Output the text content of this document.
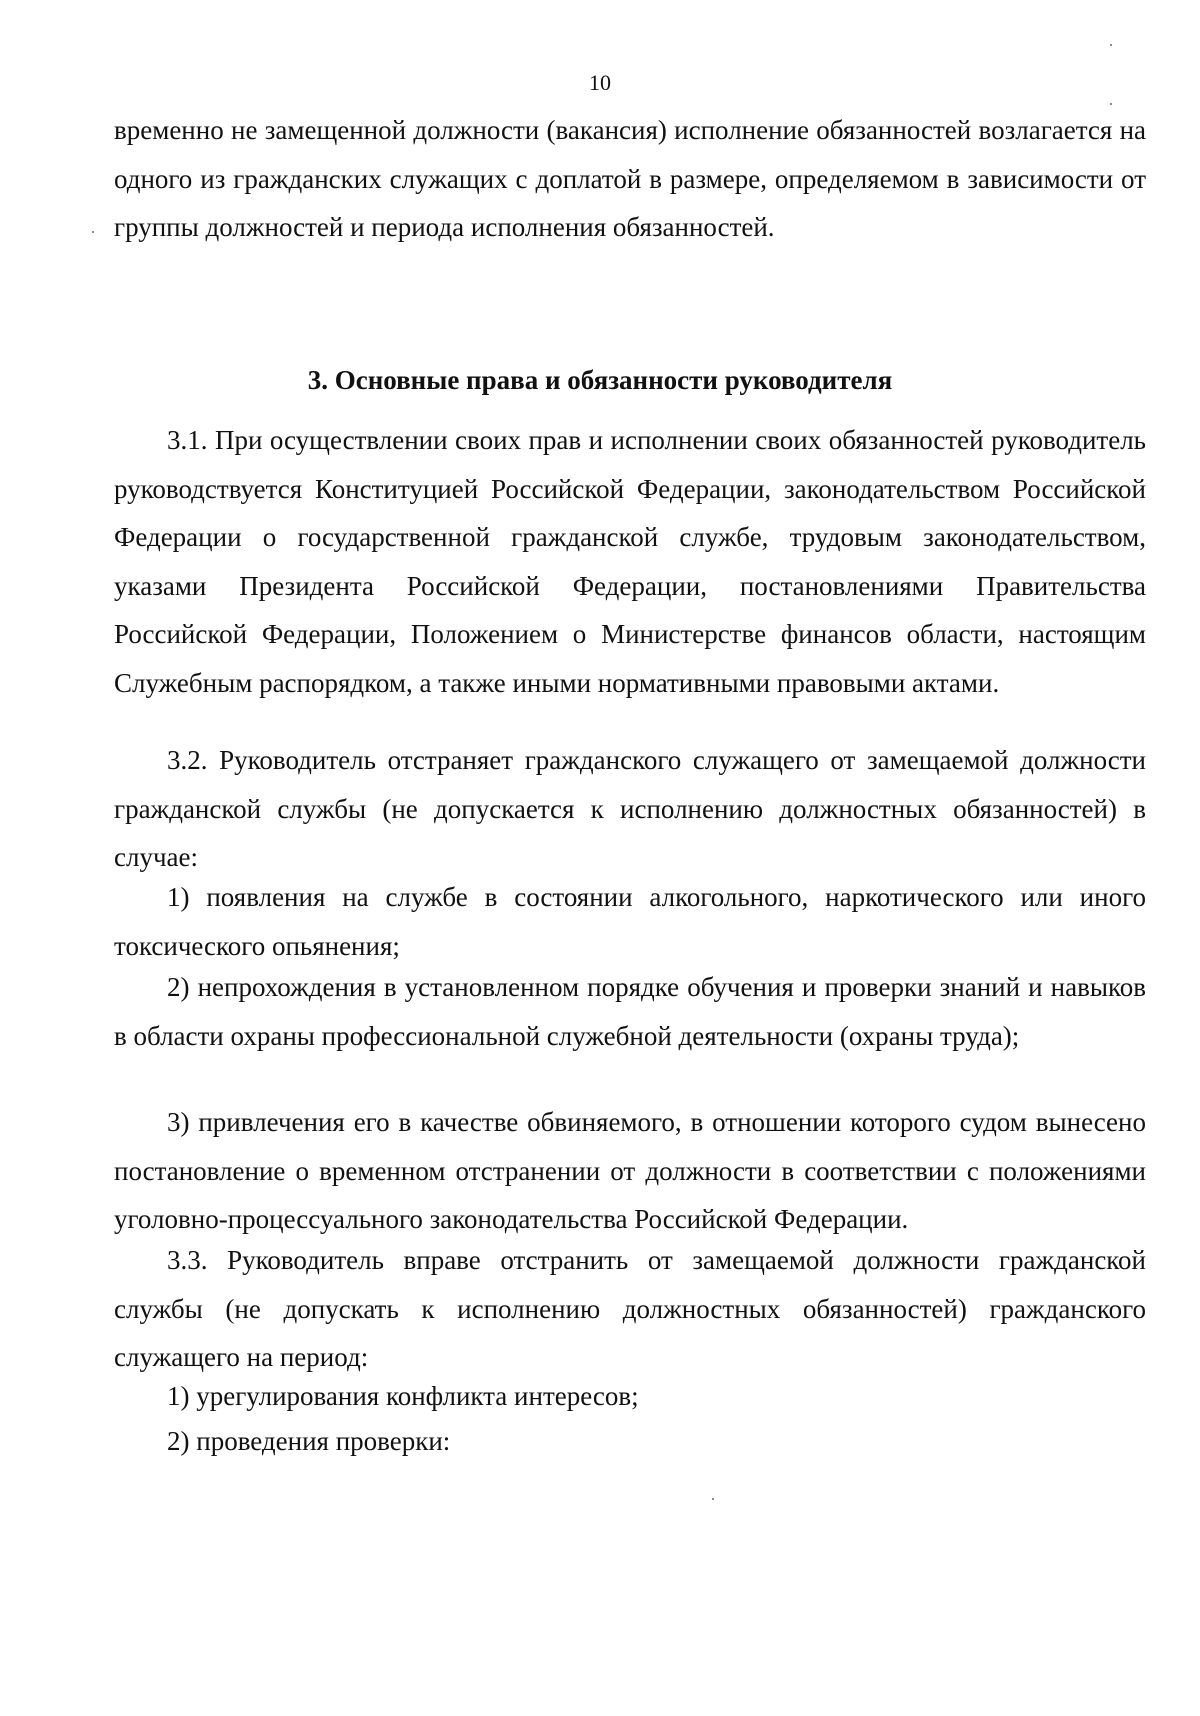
10

временно не замещенной должности (вакансия) исполнение обязанностей возлагается на одного из гражданских служащих с доплатой в размере, определяемом в зависимости от группы должностей и периода исполнения обязанностей.

3. Основные права и обязанности руководителя

3.1. При осуществлении своих прав и исполнении своих обязанностей руководитель руководствуется Конституцией Российской Федерации, законодательством Российской Федерации о государственной гражданской службе, трудовым законодательством, указами Президента Российской Федерации, постановлениями Правительства Российской Федерации, Положением о Министерстве финансов области, настоящим Служебным распорядком, а также иными нормативными правовыми актами.

3.2. Руководитель отстраняет гражданского служащего от замещаемой должности гражданской службы (не допускается к исполнению должностных обязанностей) в случае:

1) появления на службе в состоянии алкогольного, наркотического или иного токсического опьянения;

2) непрохождения в установленном порядке обучения и проверки знаний и навыков в области охраны профессиональной служебной деятельности (охраны труда);

3) привлечения его в качестве обвиняемого, в отношении которого судом вынесено постановление о временном отстранении от должности в соответствии с положениями уголовно-процессуального законодательства Российской Федерации.

3.3. Руководитель вправе отстранить от замещаемой должности гражданской службы (не допускать к исполнению должностных обязанностей) гражданского служащего на период:

1) урегулирования конфликта интересов;

2) проведения проверки:
